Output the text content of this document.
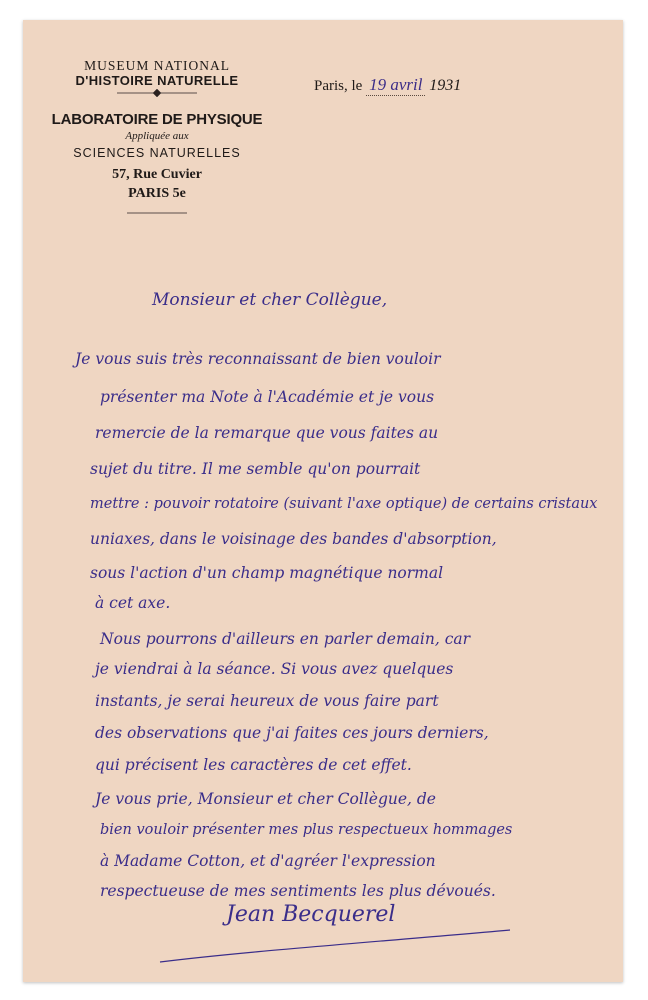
MUSEUM NATIONAL
D'HISTOIRE NATURELLE
LABORATOIRE DE PHYSIQUE
Appliquée aux
SCIENCES NATURELLES
57, Rue Cuvier
PARIS 5e
Paris, le 19 avril 1931
Monsieur et cher Collègue,
Je vous suis très reconnaissant de bien vouloir
présenter ma Note à l'Académie et je vous
remercie de la remarque que vous faites au
sujet du titre. Il me semble qu'on pourrait
mettre : pouvoir rotatoire (suivant l'axe optique) de certains cristaux
uniaxes, dans le voisinage des bandes d'absorption,
sous l'action d'un champ magnétique normal
à cet axe.
Nous pourrons d'ailleurs en parler demain, car
je viendrai à la séance. Si vous avez quelques
instants, je serai heureux de vous faire part
des observations que j'ai faites ces jours derniers,
qui précisent les caractères de cet effet.
Je vous prie, Monsieur et cher Collègue, de
bien vouloir présenter mes plus respectueux hommages
à Madame Cotton, et d'agréer l'expression
respectueuse de mes sentiments les plus dévoués.
Jean Becquerel
